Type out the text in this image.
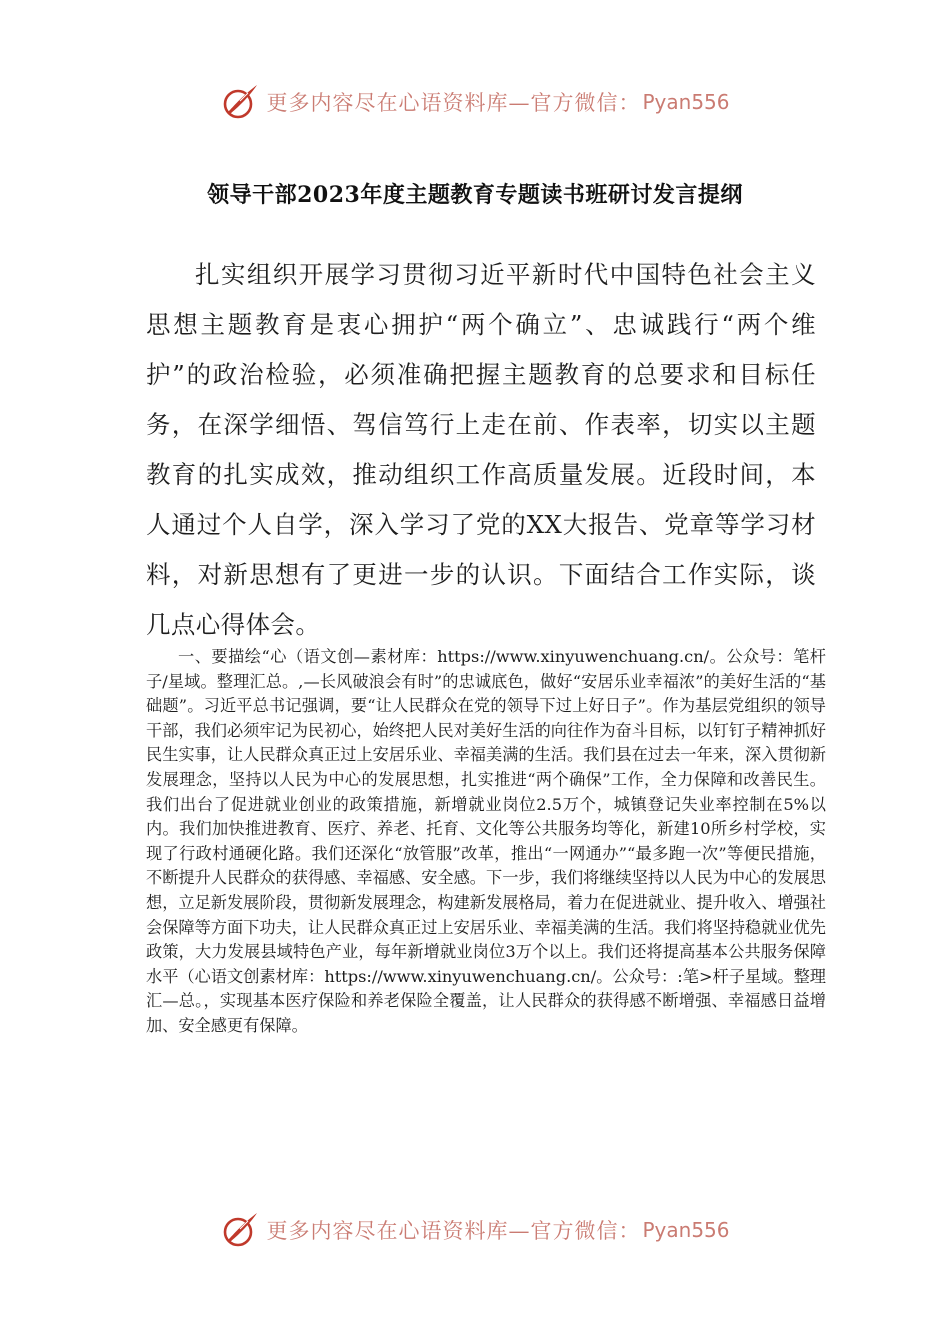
更多内容尽在心语资料库—官方微信： Pyan556
领导干部2023年度主题教育专题读书班研讨发言提纲

扎实组织开展学习贯彻习近平新时代中国特色社会主义思想主题教育是衷心拥护“两个确立”、忠诚践行“两个维护”的政治检验，必须准确把握主题教育的总要求和目标任务，在深学细悟、驾信笃行上走在前、作表率，切实以主题教育的扎实成效，推动组织工作高质量发展。近段时间，本人通过个人自学，深入学习了党的XX大报告、党章等学习材料，对新思想有了更进一步的认识。下面结合工作实际，谈几点心得体会。

一、要描绘“心（语文创—素材库：https://www.xinyuwenchuang.cn/。公众号：笔杆子/星域。整理汇总。,—长风破浪会有时”的忠诚底色，做好“安居乐业幸福浓”的美好生活的“基础题”。习近平总书记强调，要“让人民群众在党的领导下过上好日子”。作为基层党组织的领导干部，我们必须牢记为民初心，始终把人民对美好生活的向往作为奋斗目标，以钉钉子精神抓好民生实事，让人民群众真正过上安居乐业、幸福美满的生活。我们县在过去一年来，深入贯彻新发展理念，坚持以人民为中心的发展思想，扎实推进“两个确保”工作，全力保障和改善民生。我们出台了促进就业创业的政策措施，新增就业岗位2.5万个，城镇登记失业率控制在5%以内。我们加快推进教育、医疗、养老、托育、文化等公共服务均等化，新建10所乡村学校，实现了行政村通硬化路。我们还深化“放管服”改革，推出“一网通办”“最多跑一次”等便民措施，不断提升人民群众的获得感、幸福感、安全感。下一步，我们将继续坚持以人民为中心的发展思想，立足新发展阶段，贯彻新发展理念，构建新发展格局，着力在促进就业、提升收入、增强社会保障等方面下功夫，让人民群众真正过上安居乐业、幸福美满的生活。我们将坚持稳就业优先政策，大力发展县域特色产业，每年新增就业岗位3万个以上。我们还将提高基本公共服务保障水平（心语文创素材库：https://www.xinyuwenchuang.cn/。公众号：:笔>杆子星域。整理汇—总。，实现基本医疗保险和养老保险全覆盖，让人民群众的获得感不断增强、幸福感日益增加、安全感更有保障。

更多内容尽在心语资料库—官方微信： Pyan556
